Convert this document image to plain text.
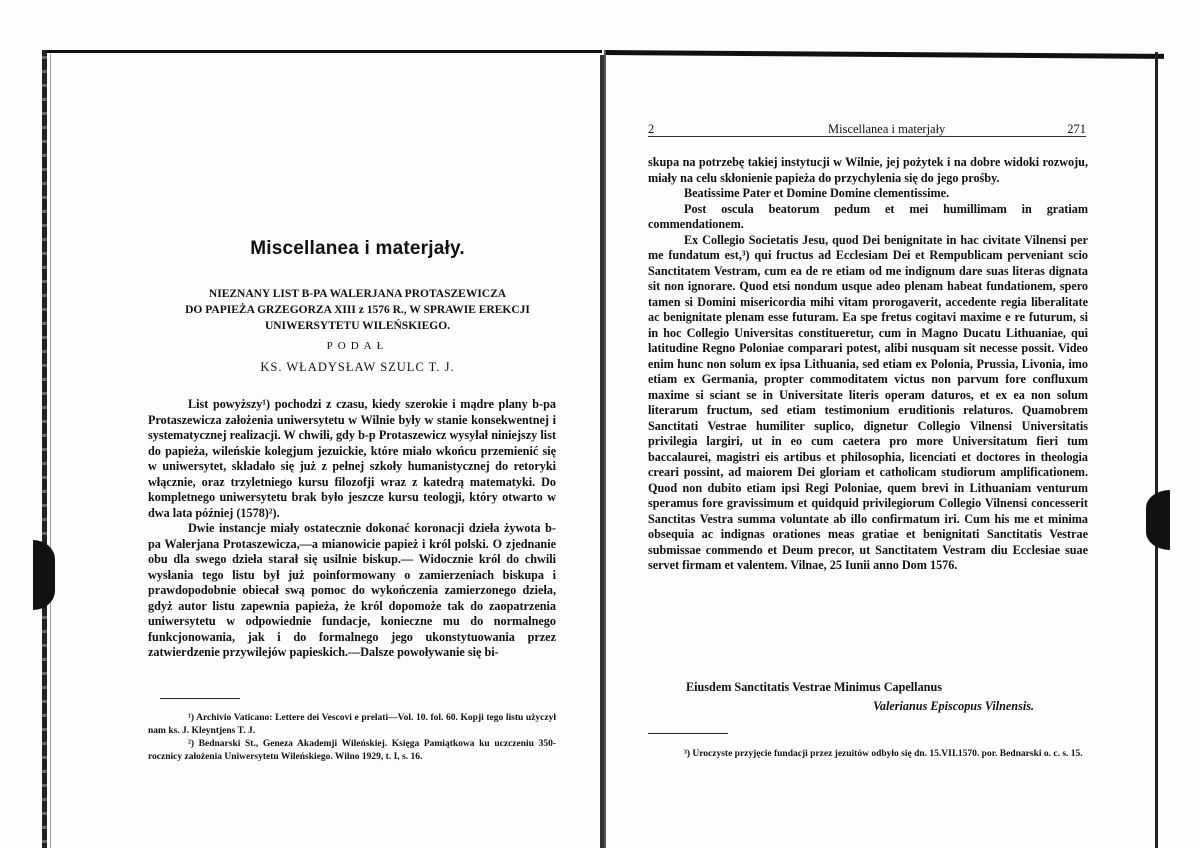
Miscellanea i materjały.
NIEZNANY LIST B-PA WALERJANA PROTASZEWICZA
DO PAPIEŻA GRZEGORZA XIII z 1576 R., W SPRAWIE EREKCJI
UNIWERSYTETU WILEŃSKIEGO.
PODAŁ
KS. WŁADYSŁAW SZULC T. J.

List powyższy¹) pochodzi z czasu, kiedy szerokie i mądre plany b-pa Protaszewicza założenia uniwersytetu w Wilnie były w stanie konsekwentnej i systematycznej realizacji. W chwili, gdy b-p Protaszewicz wysyłał niniejszy list do papieża, wileńskie kolegjum jezuickie, które miało wkońcu przemienić się w uniwersytet, składało się już z pełnej szkoły humanistycznej do retoryki włącznie, oraz trzyletniego kursu filozofji wraz z katedrą matematyki. Do kompletnego uniwersytetu brak było jeszcze kursu teologji, który otwarto w dwa lata później (1578)²).

Dwie instancje miały ostatecznie dokonać koronacji dzieła żywota b-pa Walerjana Protaszewicza,—a mianowicie papież i król polski. O zjednanie obu dla swego dzieła starał się usilnie biskup.— Widocznie król do chwili wysłania tego listu był już poinformowany o zamierzeniach biskupa i prawdopodobnie obiecał swą pomoc do wykończenia zamierzonego dzieła, gdyż autor listu zapewnia papieża, że król dopomoże tak do zaopatrzenia uniwersytetu w odpowiednie fundacje, konieczne mu do normalnego funkcjonowania, jak i do formalnego jego ukonstytuowania przez zatwierdzenie przywilejów papieskich.—Dalsze powoływanie się bi-

¹) Archivio Vaticano: Lettere dei Vescovi e prelati—Vol. 10. fol. 60. Kopji tego listu użyczył nam ks. J. Kleyntjens T. J.

²) Bednarski St., Geneza Akademji Wileńskiej. Księga Pamiątkowa ku uczczeniu 350-rocznicy założenia Uniwersytetu Wileńskiego. Wilno 1929, t. I, s. 16.

2	Miscellanea i materjały	271

skupa na potrzebę takiej instytucji w Wilnie, jej pożytek i na dobre widoki rozwoju, miały na celu skłonienie papieża do przychylenia się do jego prośby.

Beatissime Pater et Domine Domine clementissime.

Post oscula beatorum pedum et mei humillimam in gratiam commendationem.

Ex Collegio Societatis Jesu, quod Dei benignitate in hac civitate Vilnensi per me fundatum est,³) qui fructus ad Ecclesiam Dei et Rempublicam perveniant scio Sanctitatem Vestram, cum ea de re etiam od me indignum dare suas literas dignata sit non ignorare. Quod etsi nondum usque adeo plenam habeat fundationem, spero tamen si Domini misericordia mihi vitam prorogaverit, accedente regia liberalitate ac benignitate plenam esse futuram. Ea spe fretus cogitavi maxime e re futurum, si in hoc Collegio Universitas constitueretur, cum in Magno Ducatu Lithuaniae, qui latitudine Regno Poloniae comparari potest, alibi nusquam sit necesse possit. Video enim hunc non solum ex ipsa Lithuania, sed etiam ex Polonia, Prussia, Livonia, imo etiam ex Germania, propter commoditatem victus non parvum fore confluxum maxime si sciant se in Universitate literis operam daturos, et ex ea non solum literarum fructum, sed etiam testimonium eruditionis relaturos. Quamobrem Sanctitati Vestrae humiliter suplico, dignetur Collegio Vilnensi Universitatis privilegia largiri, ut in eo cum caetera pro more Universitatum fieri tum baccalaurei, magistri eis artibus et philosophia, licenciati et doctores in theologia creari possint, ad maiorem Dei gloriam et catholicam studiorum amplificationem. Quod non dubito etiam ipsi Regi Poloniae, quem brevi in Lithuaniam venturum speramus fore gravissimum et quidquid privilegiorum Collegio Vilnensi concesserit Sanctitas Vestra summa voluntate ab illo confirmatum iri. Cum his me et minima obsequia ac indignas orationes meas gratiae et benignitati Sanctitatis Vestrae submissae commendo et Deum precor, ut Sanctitatem Vestram diu Ecclesiae suae servet firmam et valentem. Vilnae, 25 Iunii anno Dom 1576.

Eiusdem Sanctitatis Vestrae Minimus Capellanus
Valerianus Episcopus Vilnensis.

³) Uroczyste przyjęcie fundacji przez jezuitów odbyło się dn. 15.VII.1570. por. Bednarski o. c. s. 15.
